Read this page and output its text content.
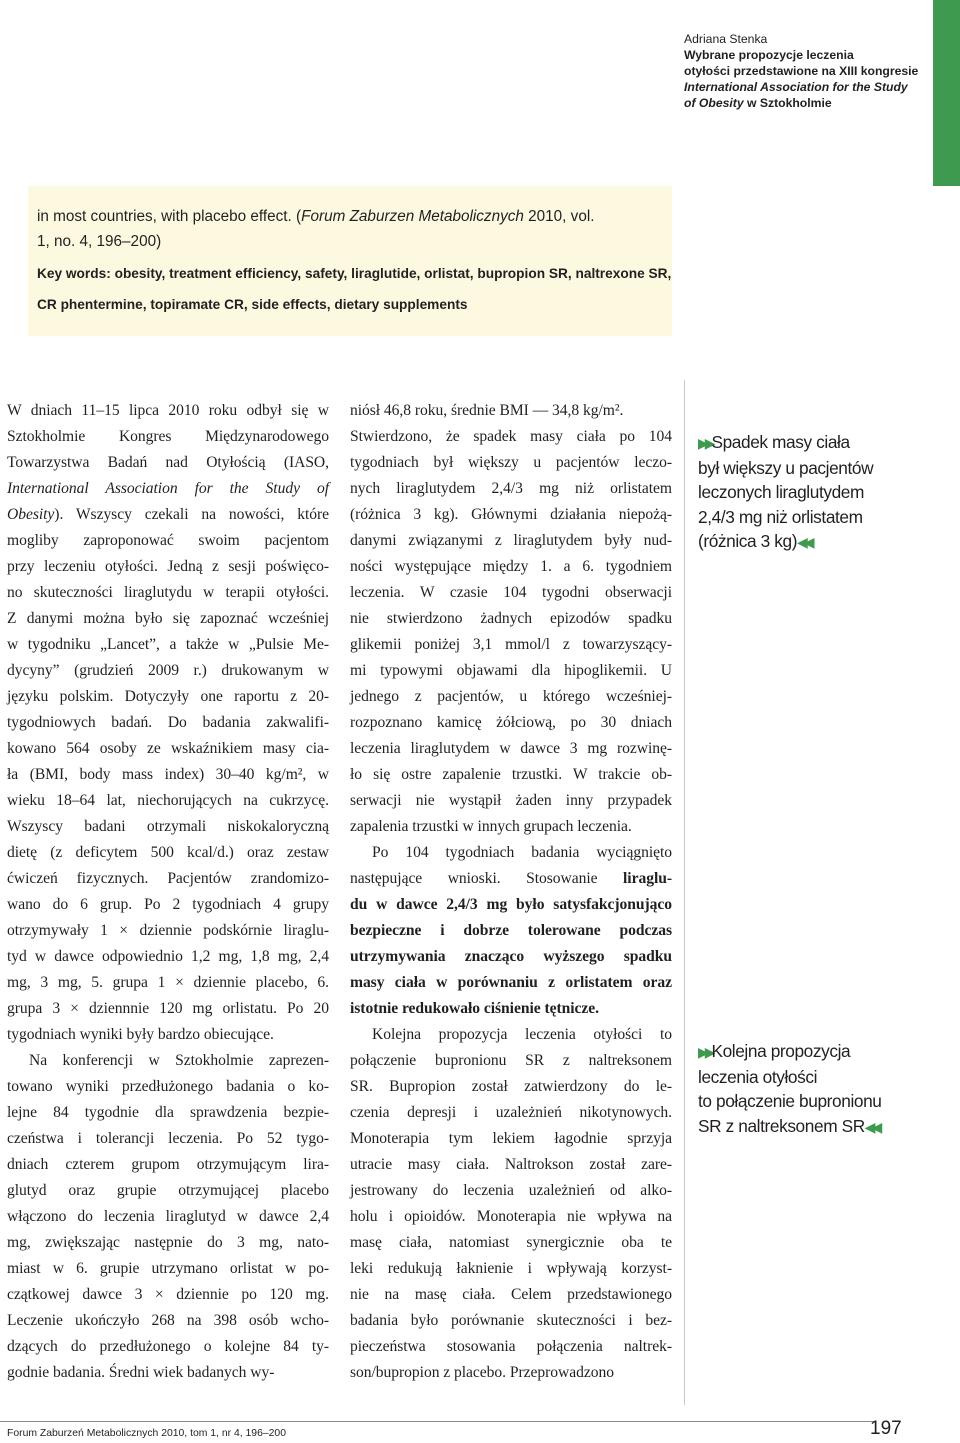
Adriana Stenka
Wybrane propozycje leczenia
otyłości przedstawione na XIII kongresie
International Association for the Study
of Obesity w Sztokholmie
in most countries, with placebo effect. (Forum Zaburzen Metabolicznych 2010, vol.
1, no. 4, 196–200)
Key words: obesity, treatment efficiency, safety, liraglutide, orlistat, bupropion SR, naltrexone SR,
CR phentermine, topiramate CR, side effects, dietary supplements
W dniach 11–15 lipca 2010 roku odbył się w
Sztokholmie Kongres Międzynarodowego
Towarzystwa Badań nad Otyłością (IASO,
International Association for the Study of
Obesity). Wszyscy czekali na nowości, które
mogliby zaproponować swoim pacjentom
przy leczeniu otyłości. Jedną z sesji poświęco-
no skuteczności liraglutydu w terapii otyłości.
Z danymi można było się zapoznać wcześniej
w tygodniku „Lancet”, a także w „Pulsie Me-
dycyny” (grudzień 2009 r.) drukowanym w
języku polskim. Dotyczyły one raportu z 20-
tygodniowych badań. Do badania zakwalifi-
kowano 564 osoby ze wskaźnikiem masy cia-
ła (BMI, body mass index) 30–40 kg/m², w
wieku 18–64 lat, niechorujących na cukrzycę.
Wszyscy badani otrzymali niskokaloryczną
dietę (z deficytem 500 kcal/d.) oraz zestaw
ćwiczeń fizycznych. Pacjentów zrandomizo-
wano do 6 grup. Po 2 tygodniach 4 grupy
otrzymywały 1 × dziennie podskórnie liraglu-
tyd w dawce odpowiednio 1,2 mg, 1,8 mg, 2,4
mg, 3 mg, 5. grupa 1 × dziennie placebo, 6.
grupa 3 × dziennnie 120 mg orlistatu. Po 20
tygodniach wyniki były bardzo obiecujące.
Na konferencji w Sztokholmie zaprezen-
towano wyniki przedłużonego badania o ko-
lejne 84 tygodnie dla sprawdzenia bezpie-
czeństwa i tolerancji leczenia. Po 52 tygo-
dniach czterem grupom otrzymującym lira-
glutyd oraz grupie otrzymującej placebo
włączono do leczenia liraglutyd w dawce 2,4
mg, zwiększając następnie do 3 mg, nato-
miast w 6. grupie utrzymano orlistat w po-
czątkowej dawce 3 × dziennie po 120 mg.
Leczenie ukończyło 268 na 398 osób wcho-
dzących do przedłużonego o kolejne 84 ty-
godnie badania. Średni wiek badanych wy-
niósł 46,8 roku, średnie BMI — 34,8 kg/m².
Stwierdzono, że spadek masy ciała po 104
tygodniach był większy u pacjentów leczo-
nych liraglutydem 2,4/3 mg niż orlistatem
(różnica 3 kg). Głównymi działania niepożą-
danymi związanymi z liraglutydem były nud-
ności występujące między 1. a 6. tygodniem
leczenia. W czasie 104 tygodni obserwacji
nie stwierdzono żadnych epizodów spadku
glikemii poniżej 3,1 mmol/l z towarzyszący-
mi typowymi objawami dla hipoglikemii. U
jednego z pacjentów, u którego wcześniej-
rozpoznano kamicę żółciową, po 30 dniach
leczenia liraglutydem w dawce 3 mg rozwinę-
ło się ostre zapalenie trzustki. W trakcie ob-
serwacji nie wystąpił żaden inny przypadek
zapalenia trzustki w innych grupach leczenia.
Po 104 tygodniach badania wyciągnięto
następujące wnioski. Stosowanie liraglu-
du w dawce 2,4/3 mg było satysfakcjonująco
bezpieczne i dobrze tolerowane podczas
utrzymywania znacząco wyższego spadku
masy ciała w porównaniu z orlistatem oraz
istotnie redukowało ciśnienie tętnicze.
Kolejna propozycja leczenia otyłości to
połączenie bupronionu SR z naltreksonem
SR. Bupropion został zatwierdzony do le-
czenia depresji i uzależnień nikotynowych.
Monoterapia tym lekiem łagodnie sprzyja
utracie masy ciała. Naltrokson został zare-
jestrowany do leczenia uzależnień od alko-
holu i opioidów. Monoterapia nie wpływa na
masę ciała, natomiast synergicznie oba te
leki redukują łaknienie i wpływają korzyst-
nie na masę ciała. Celem przedstawionego
badania było porównanie skuteczności i bez-
pieczeństwa stosowania połączenia naltrek-
son/bupropion z placebo. Przeprowadzono
▶▶ Spadek masy ciała
był większy u pacjentów
leczonych liraglutydem
2,4/3 mg niż orlistatem
(różnica 3 kg) ◀◀
▶▶ Kolejna propozycja
leczenia otyłości
to połączenie bupronionu
SR z naltreksonem SR ◀◀
Forum Zaburzeń Metabolicznych 2010, tom 1, nr 4, 196–200	197
